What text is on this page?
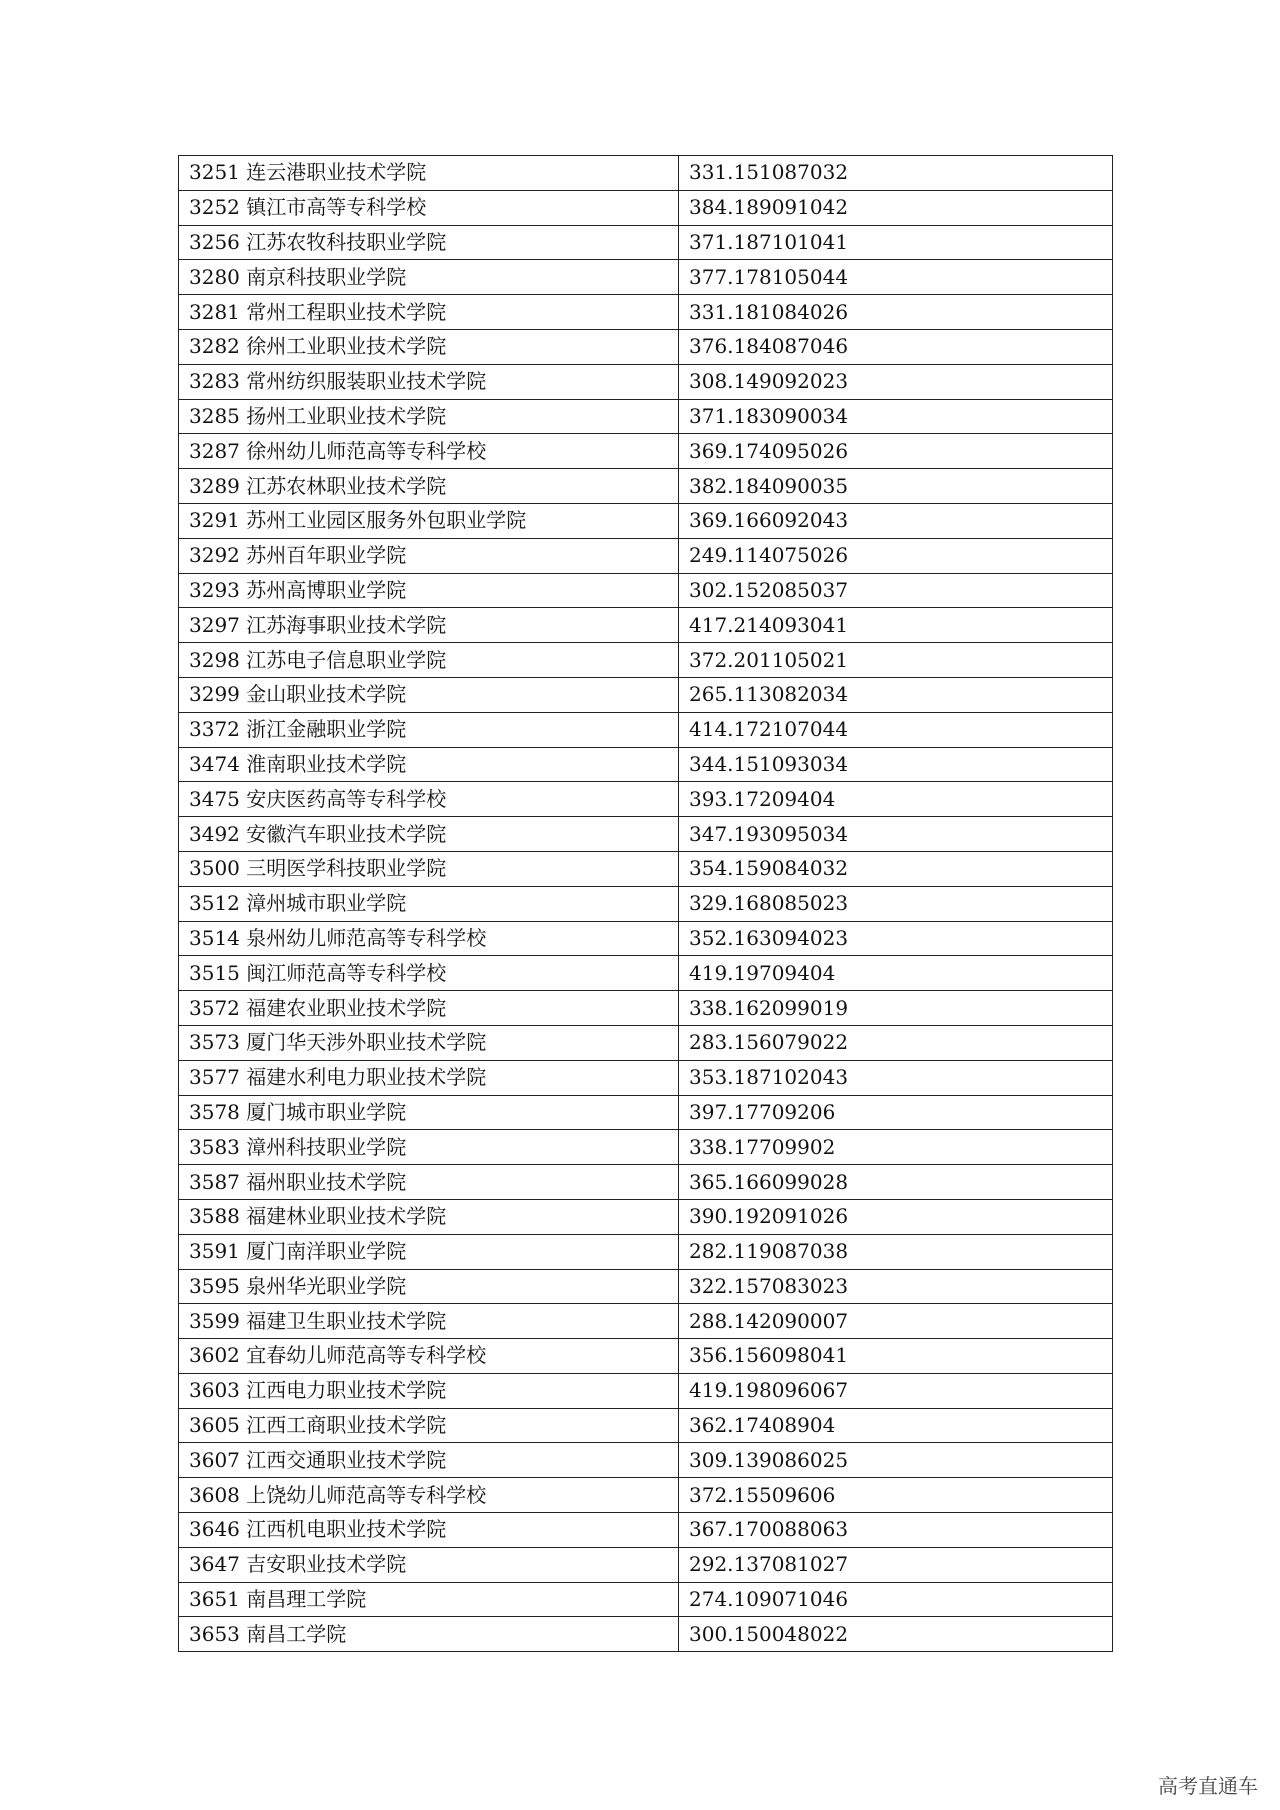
3251 连云港职业技术学院	331.151087032
3252 镇江市高等专科学校	384.189091042
3256 江苏农牧科技职业学院	371.187101041
3280 南京科技职业学院	377.178105044
3281 常州工程职业技术学院	331.181084026
3282 徐州工业职业技术学院	376.184087046
3283 常州纺织服装职业技术学院	308.149092023
3285 扬州工业职业技术学院	371.183090034
3287 徐州幼儿师范高等专科学校	369.174095026
3289 江苏农林职业技术学院	382.184090035
3291 苏州工业园区服务外包职业学院	369.166092043
3292 苏州百年职业学院	249.114075026
3293 苏州高博职业学院	302.152085037
3297 江苏海事职业技术学院	417.214093041
3298 江苏电子信息职业学院	372.201105021
3299 金山职业技术学院	265.113082034
3372 浙江金融职业学院	414.172107044
3474 淮南职业技术学院	344.151093034
3475 安庆医药高等专科学校	393.17209404
3492 安徽汽车职业技术学院	347.193095034
3500 三明医学科技职业学院	354.159084032
3512 漳州城市职业学院	329.168085023
3514 泉州幼儿师范高等专科学校	352.163094023
3515 闽江师范高等专科学校	419.19709404
3572 福建农业职业技术学院	338.162099019
3573 厦门华天涉外职业技术学院	283.156079022
3577 福建水利电力职业技术学院	353.187102043
3578 厦门城市职业学院	397.17709206
3583 漳州科技职业学院	338.17709902
3587 福州职业技术学院	365.166099028
3588 福建林业职业技术学院	390.192091026
3591 厦门南洋职业学院	282.119087038
3595 泉州华光职业学院	322.157083023
3599 福建卫生职业技术学院	288.142090007
3602 宜春幼儿师范高等专科学校	356.156098041
3603 江西电力职业技术学院	419.198096067
3605 江西工商职业技术学院	362.17408904
3607 江西交通职业技术学院	309.139086025
3608 上饶幼儿师范高等专科学校	372.15509606
3646 江西机电职业技术学院	367.170088063
3647 吉安职业技术学院	292.137081027
3651 南昌理工学院	274.109071046
3653 南昌工学院	300.150048022
高考直通车
